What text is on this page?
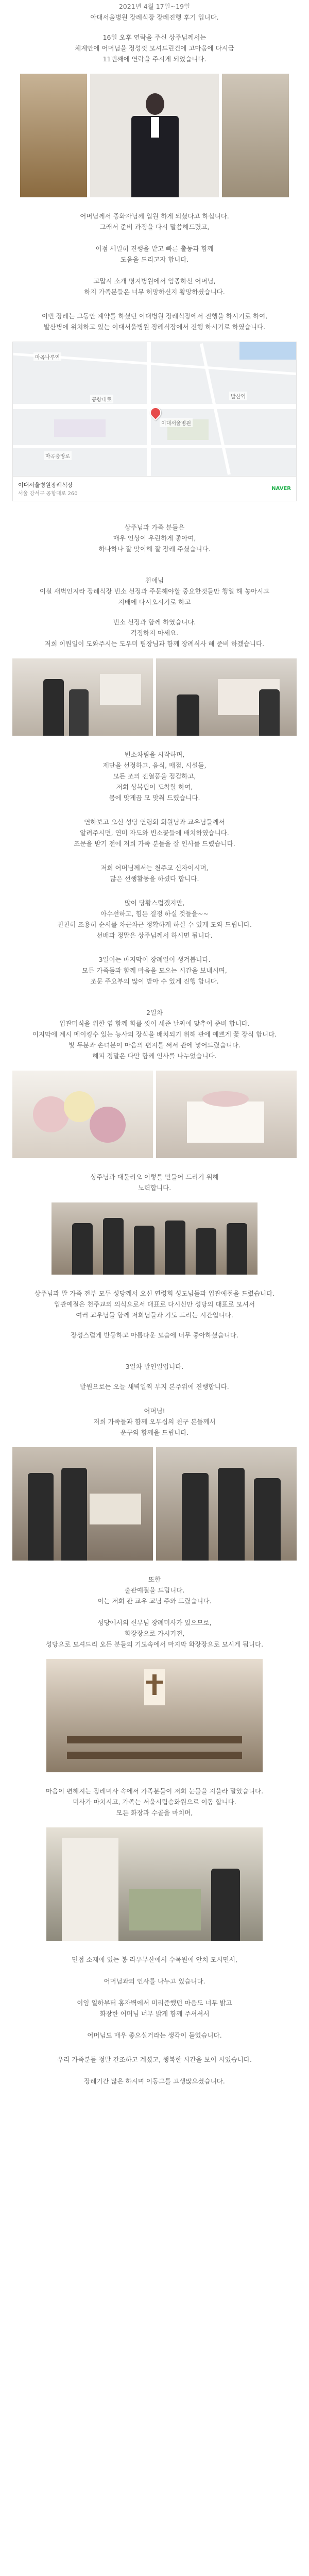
2021년 4월 17일~19일

아대서울병원 장례식장 장례진행 후기 입니다.

16일 오후 연락을 주신 상주님께서는
체계안에 어머님을 정성껏 모셔드린건에 고마움에 다시금

11번째에 연락을 주시게 되었습니다.

어머님께서 종화자님께 입원 하게 되셨다고 하십니다.
그래서 준비 과정을 다시 말씀해드렸고,

이점 세밀히 진행을 맡고 빠른 출동과 함께
도움을 드리고자 합니다.

고맙시 소개 명지병원에서 임종하신 어머님,
하지 가족분들은 너무 허망하신지 황망하셨습니다.

이번 장례는 그동안 계약를 하셨던 이대병원 장례식장에서 진행을 하시기로 하여,
발산병에 위치하고 있는 이대서울병원 장례식장에서 진행 하시기로 하였습니다.

마곡나루역
발산역
공항대로
이대서울병원
마곡중앙로
이대서울병원장례식장
서울 강서구 공항대로 260
NAVER

상주님과 가족 분들은
매우 인상이 우린하게 좋아여,
하나하나 잘 맞이해 잘 장례 주셨습니다.

천애님

이실 새벽인지라 장례식장 빈소 선정과 주문해야할 중요한것들만 챙일 해 놓아시고
지배에 다시오시기로 하고

빈소 선정과 함께 하였습니다.
걱정하지 마세요.
저희 이원일이 도와주시는 도우미 팀장님과 함께 장례식사 해 준비 하겠습니다.

빈소차림을 시작하며,
제단을 선정하고, 음식, 매점, 시설들,
모든 조의 진열품을 점검하고,
저희 상복팀이 도착할 하여,
몸에 맞게끔 모 맞춰 드렸습니다.

연하보고 오신 성당 연령회 회원님과 교우님들께서
알려주시면, 연미 자도와 빈소꽃들에 배치하였습니다.
조문을 받기 전에 저희 가족 분들을 잘 인사를 드렸습니다.

저희 어머님께서는 천주교 신자이시며,
많은 선행활동을 하셨다 합니다.

많이 당황스럽겠지만,
아수선하고, 힘든 결정 하실 것들을~~
천천히 조용히 순서를 차근차근 정확하게 하실 수 있게 도와 드립니다.
선배과 정말은 상주님께서 하시면 됩니다.

3일이는 마지막이 장례일이 생겨봅니다.
모든 가족들과 함께 마음을 모으는 시간을 보내시며,
조문 주요부의 많이 받아 수 있게 진행 합니다.

2일차

입관미식을 위한 염 함께 화를 씻어 세준 날짜에 맞추어 준비 합니다.
이지막에 계시 메이킹수 있는 능사의 장식을 배치되기 위해 관에 예쁘게 꽃 장식 합니다.
빛 두분과 손녀분이 마음의 편지를 써서 관에 넣어드렸습니다.
해피 정말은 다만 함께 인사를 나누었습니다.

상주님과 대물리오 이렇를 만들어 드리기 위해
노력합니다.

상주님과 말 가족 전부 모두 성당께서 오신 연령회 성도님들과 입관예절을 드렸습니다.
입관예절은 천주교의 의식으로서 대표로 다시신만 성당의 대표로 모셔서
여러 교우님들 함께 저희님들과 기도 드리는 시간입니다.

장성스럽게 반둥하고 아름다운 모습에 너무 좋아하셨습니다.

3일차 발인일입니다.

발원으로는 오늘 새벽일찍 부지 본주위에 진행합니다.

어머님!
저희 가족들과 함께 오무십의 천구 본들께서
운구와 함께을 드립니다.

또한
출관예절을 드립니다.
이는 저희 관 교우 교님 주와 드렸습니다.

성당에서의 신부님 장례미사가 있으므로,
화장장으로 가시기전,
성당으로 모셔드리 오든 분들의 기도속에서 마지막 화장장으로 모시게 됩니다.

마음이 편해지는 장례미사 속에서 가족분들이 저희 눈물을 지을라 말았습니다.
미사가 마치시고, 가족는 서울시립승화원으로 이동 합니다.
모든 화장과 수골을 마치며,

면접 소재에 있는 봉 라우무산에서 수목원에 안치 모시면서,

어머님과의 인사를 나누고 있습니다.

이임 일하부터 홍자벽에서 미리준했던 마음도 너무 밝고
화장한 어머님 너무 밝게 함께 주셔셔서

어머님도 매우 좋으실거라는 생각이 들었습니다.

우리 가족분들 정말 간조하고 계셨고, 행복한 시간을 보이 시었습니다.

장례기간 많은 하시며 이동그를 고생많으셨습니다.
